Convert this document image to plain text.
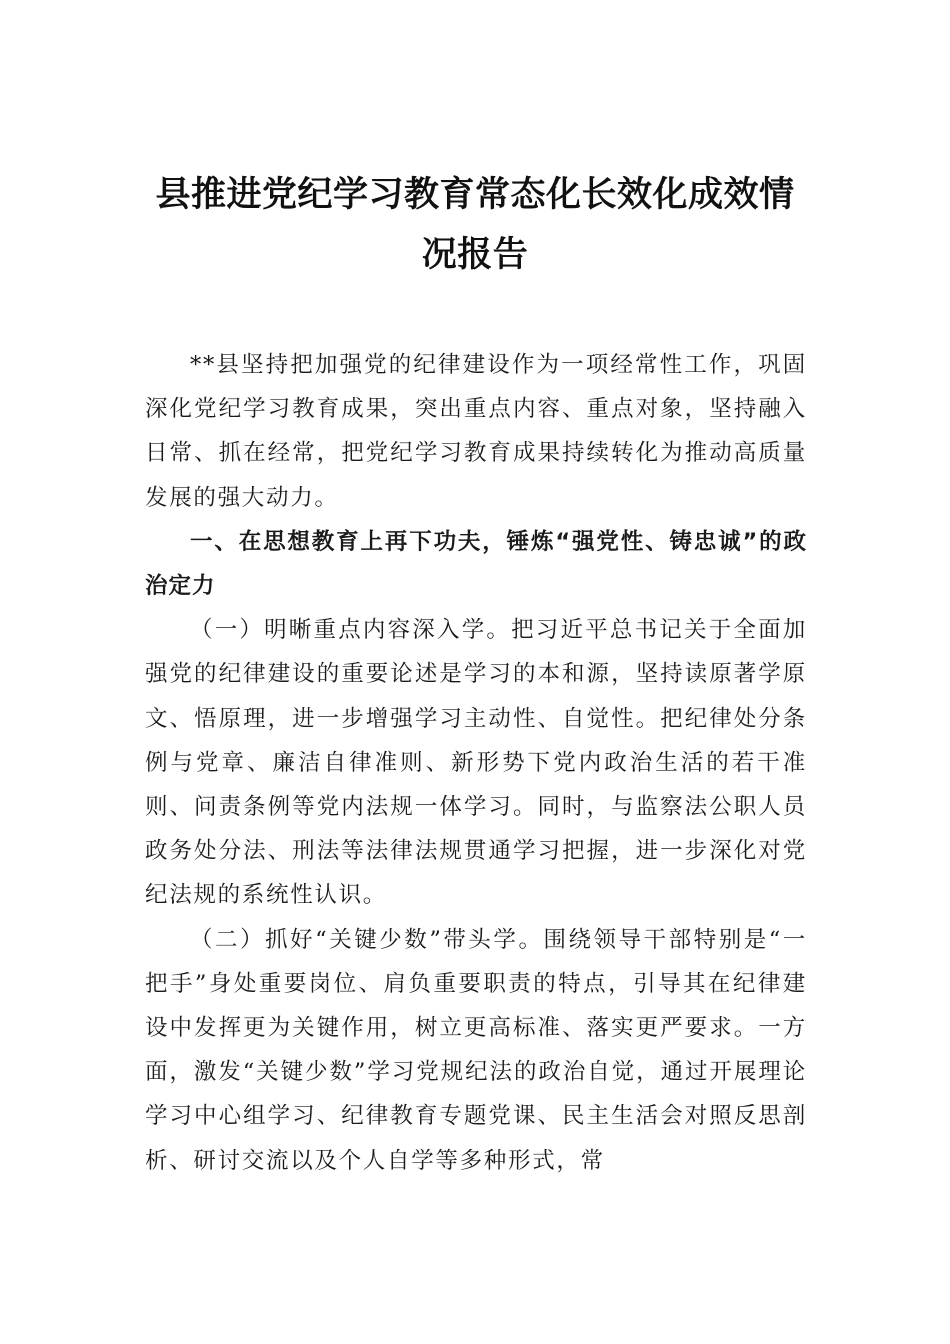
县推进党纪学习教育常态化长效化成效情
况报告

**县坚持把加强党的纪律建设作为一项经常性工作，巩固深化党纪学习教育成果，突出重点内容、重点对象，坚持融入日常、抓在经常，把党纪学习教育成果持续转化为推动高质量发展的强大动力。

一、在思想教育上再下功夫，锤炼“强党性、铸忠诚”的政治定力

（一）明晰重点内容深入学。把习近平总书记关于全面加强党的纪律建设的重要论述是学习的本和源，坚持读原著学原文、悟原理，进一步增强学习主动性、自觉性。把纪律处分条例与党章、廉洁自律准则、新形势下党内政治生活的若干准则、问责条例等党内法规一体学习。同时，与监察法公职人员政务处分法、刑法等法律法规贯通学习把握，进一步深化对党纪法规的系统性认识。

（二）抓好“关键少数”带头学。围绕领导干部特别是“一把手”身处重要岗位、肩负重要职责的特点，引导其在纪律建设中发挥更为关键作用，树立更高标准、落实更严要求。一方面，激发“关键少数”学习党规纪法的政治自觉，通过开展理论学习中心组学习、纪律教育专题党课、民主生活会对照反思剖析、研讨交流以及个人自学等多种形式，常
